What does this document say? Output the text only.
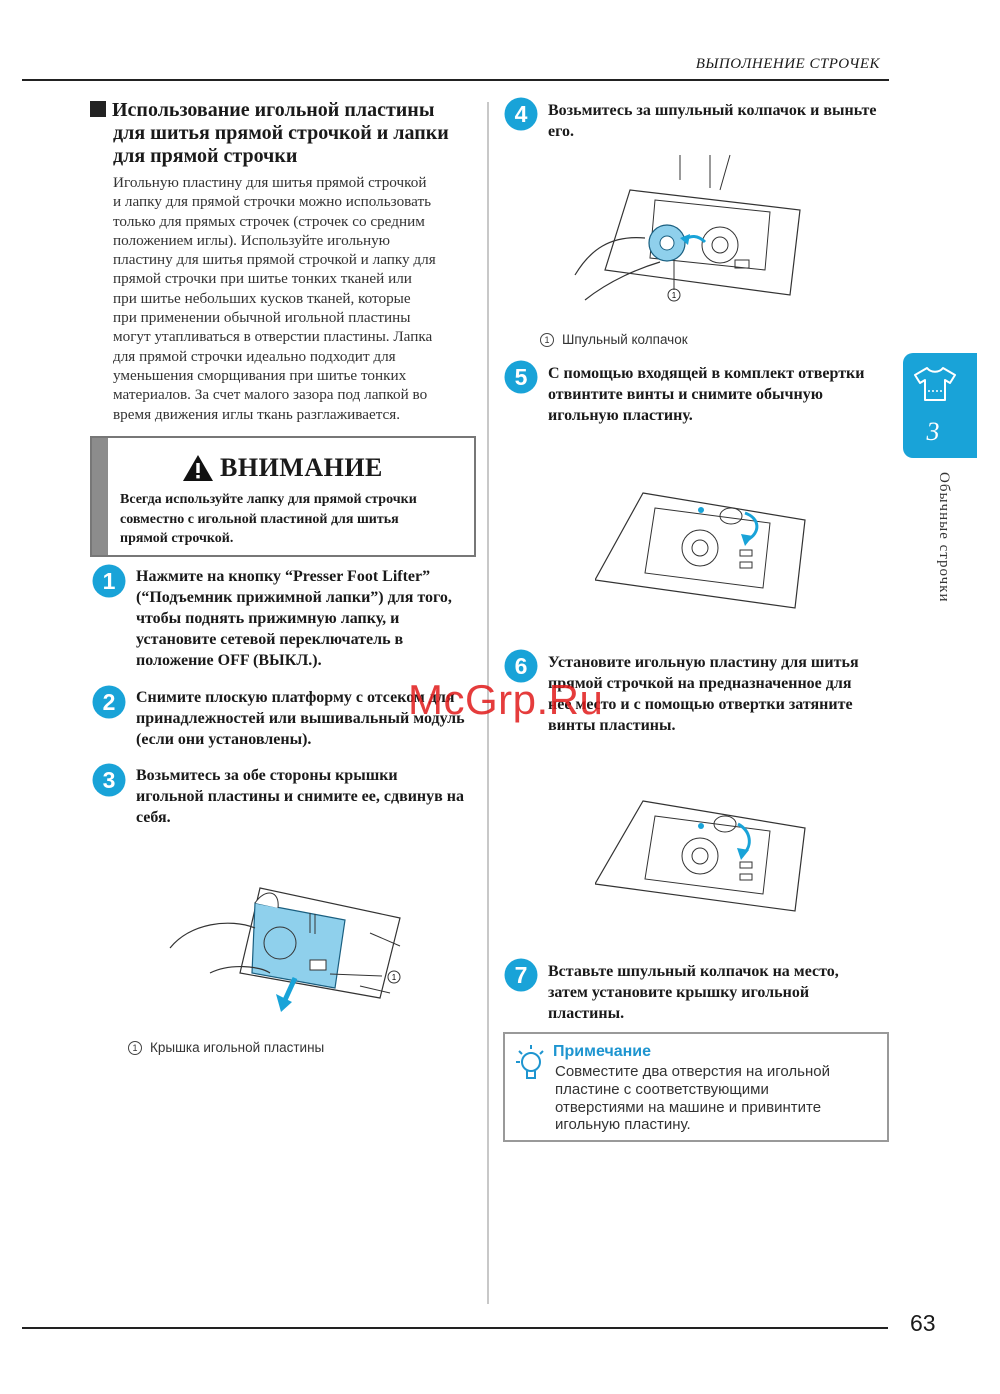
ВЫПОЛНЕНИЕ СТРОЧЕК
Использование игольной пластины
для шитья прямой строчкой и лапки
для прямой строчки
Игольную пластину для шитья прямой строчкой
и лапку для прямой строчки можно использовать
только для прямых строчек (строчек со средним
положением иглы). Используйте игольную
пластину для шитья прямой строчкой и лапку для
прямой строчки при шитье тонких тканей или
при шитье небольших кусков тканей, которые
при применении обычной игольной пластины
могут утапливаться в отверстии пластины. Лапка
для прямой строчки идеально подходит для
уменьшения сморщивания при шитье тонких
материалов. За счет малого зазора под лапкой во
время движения иглы ткань разглаживается.
ВНИМАНИЕ
Всегда используйте лапку для прямой строчки
совместно с игольной пластиной для шитья
прямой строчкой.
1 Нажмите на кнопку “Presser Foot Lifter”
(“Подъемник прижимной лапки”) для того,
чтобы поднять прижимную лапку, и
установите сетевой переключатель в
положение OFF (ВЫКЛ.).
2 Снимите плоскую платформу с отсеком для
принадлежностей или вышивальный модуль
(если они установлены).
3 Возьмитесь за обе стороны крышки
игольной пластины и снимите ее, сдвинув на
себя.
1
1 Крышка игольной пластины
4 Возьмитесь за шпульный колпачок и выньте
его.
1
1 Шпульный колпачок
5 С помощью входящей в комплект отвертки
отвинтите винты и снимите обычную
игольную пластину.
6 Установите игольную пластину для шитья
прямой строчкой на предназначенное для
нее место и с помощью отвертки затяните
винты пластины.
7 Вставьте шпульный колпачок на место,
затем установите крышку игольной
пластины.
Примечание
Совместите два отверстия на игольной
пластине с соответствующими
отверстиями на машине и привинтите
игольную пластину.
3
Обычные строчки
McGrp.Ru
63
